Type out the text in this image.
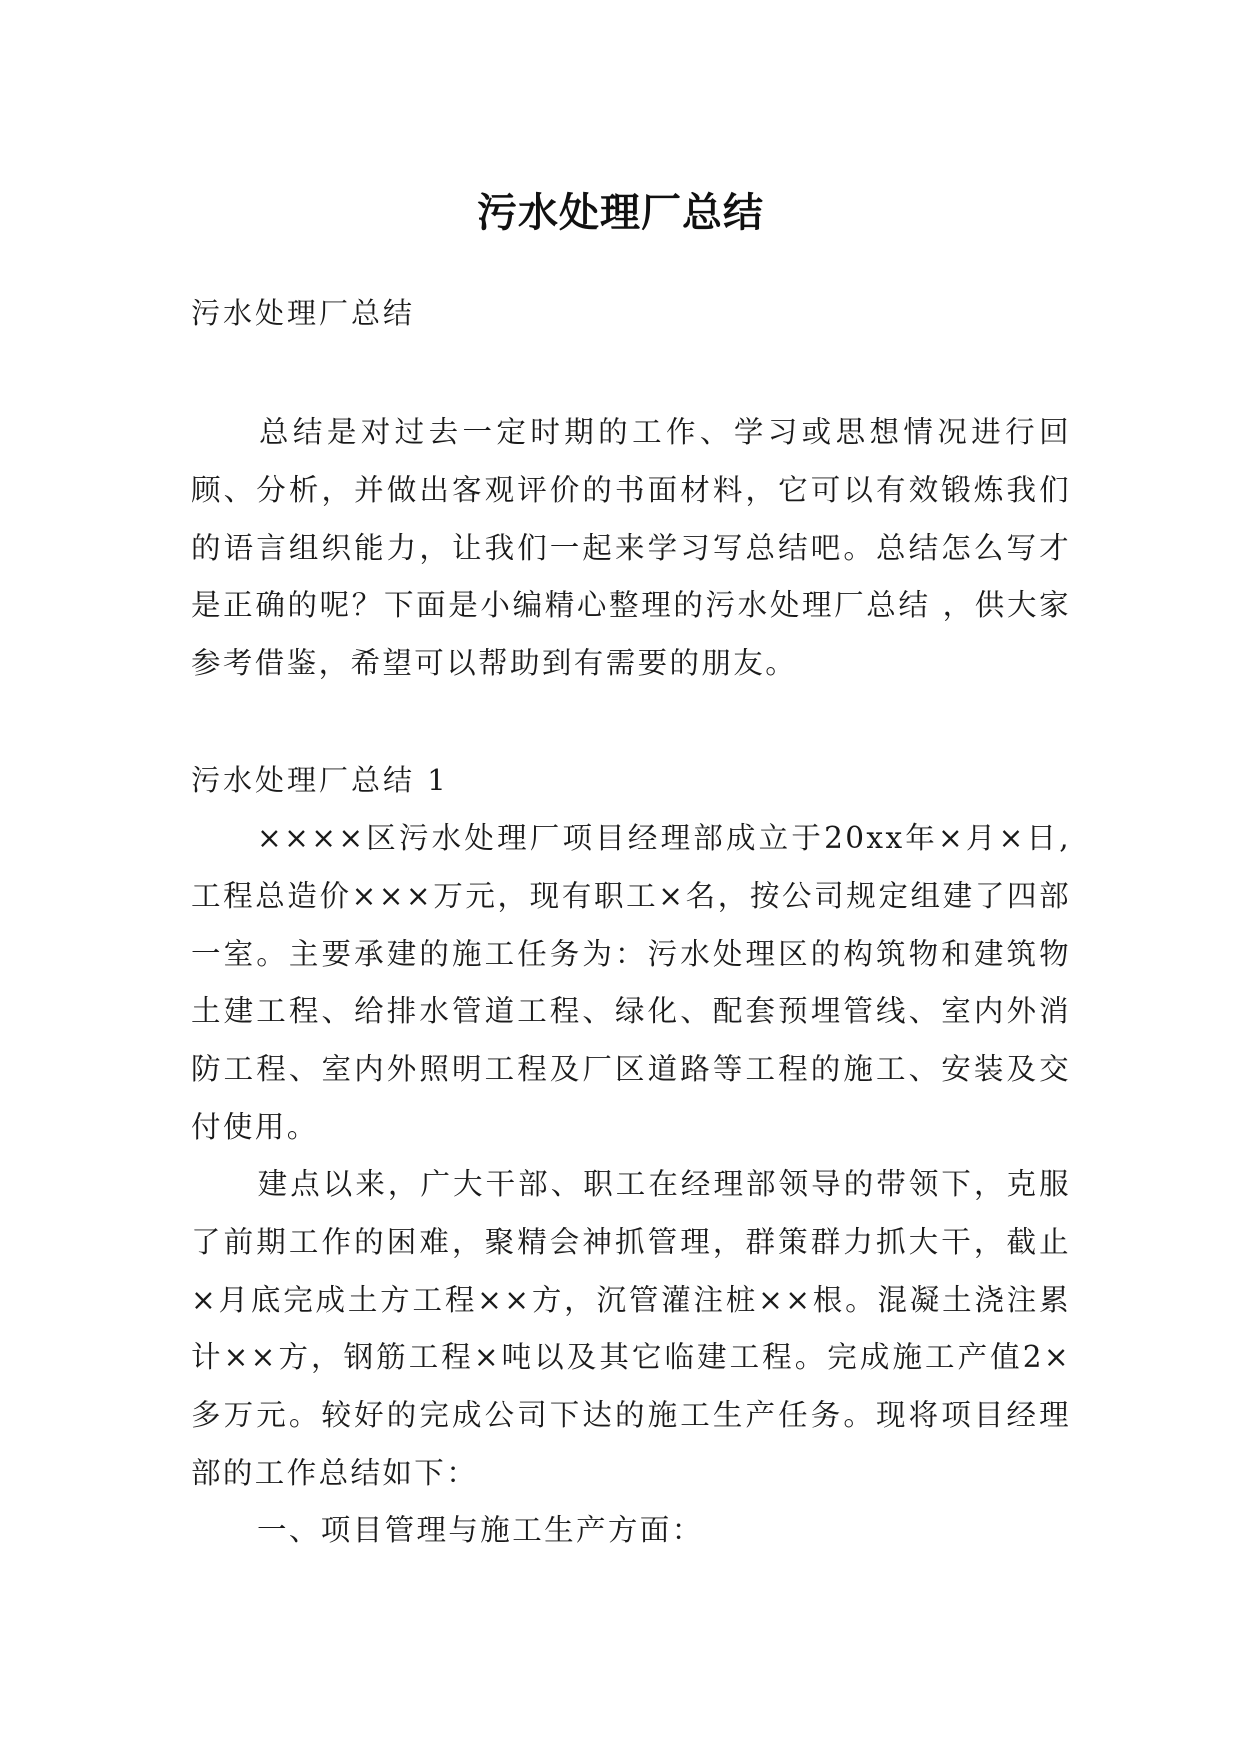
污水处理厂总结
污水处理厂总结

总结是对过去一定时期的工作、学习或思想情况进行回顾、分析，并做出客观评价的书面材料，它可以有效锻炼我们的语言组织能力，让我们一起来学习写总结吧。总结怎么写才是正确的呢？下面是小编精心整理的污水处理厂总结 ，供大家参考借鉴，希望可以帮助到有需要的朋友。

污水处理厂总结 1

××××区污水处理厂项目经理部成立于20xx年×月×日,工程总造价×××万元，现有职工×名，按公司规定组建了四部一室。主要承建的施工任务为：污水处理区的构筑物和建筑物土建工程、给排水管道工程、绿化、配套预埋管线、室内外消防工程、室内外照明工程及厂区道路等工程的施工、安装及交付使用。

建点以来，广大干部、职工在经理部领导的带领下，克服了前期工作的困难，聚精会神抓管理，群策群力抓大干，截止×月底完成土方工程××方，沉管灌注桩××根。混凝土浇注累计××方，钢筋工程×吨以及其它临建工程。完成施工产值2×多万元。较好的完成公司下达的施工生产任务。现将项目经理部的工作总结如下：

一、项目管理与施工生产方面：
